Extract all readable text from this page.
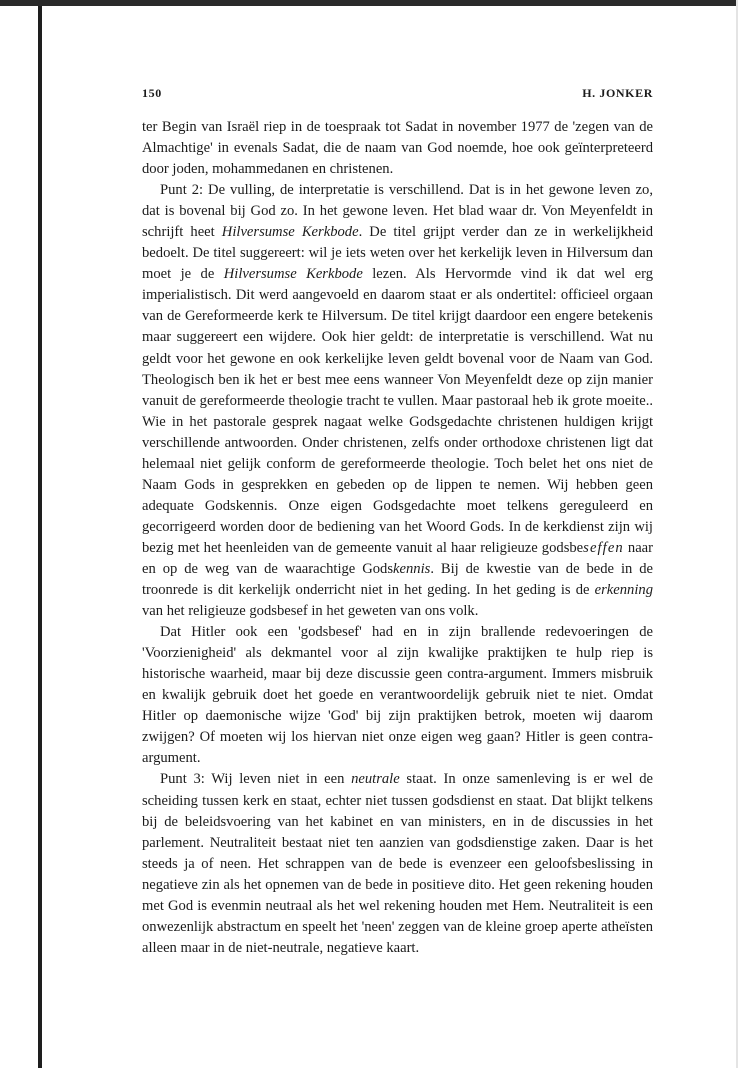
150	H. JONKER

ter Begin van Israël riep in de toespraak tot Sadat in november 1977 de 'zegen van de Almachtige' in evenals Sadat, die de naam van God noemde, hoe ook geïnterpreteerd door joden, mohammedanen en christenen.

Punt 2: De vulling, de interpretatie is verschillend. Dat is in het gewone leven zo, dat is bovenal bij God zo. In het gewone leven. Het blad waar dr. Von Meyenfeldt in schrijft heet Hilversumse Kerkbode. De titel grijpt verder dan ze in werkelijkheid bedoelt. De titel suggereert: wil je iets weten over het kerkelijk leven in Hilversum dan moet je de Hilversumse Kerkbode lezen. Als Hervormde vind ik dat wel erg imperialistisch. Dit werd aangevoeld en daarom staat er als ondertitel: officieel orgaan van de Gereformeerde kerk te Hilversum. De titel krijgt daardoor een engere betekenis maar suggereert een wijdere. Ook hier geldt: de interpretatie is verschillend. Wat nu geldt voor het gewone en ook kerkelijke leven geldt bovenal voor de Naam van God. Theologisch ben ik het er best mee eens wanneer Von Meyenfeldt deze op zijn manier vanuit de gereformeerde theologie tracht te vullen. Maar pastoraal heb ik grote moeite.. Wie in het pastorale gesprek nagaat welke Godsgedachte christenen huldigen krijgt verschillende antwoorden. Onder christenen, zelfs onder orthodoxe christenen ligt dat helemaal niet gelijk conform de gereformeerde theologie. Toch belet het ons niet de Naam Gods in gesprekken en gebeden op de lippen te nemen. Wij hebben geen adequate Godskennis. Onze eigen Godsgedachte moet telkens gereguleerd en gecorrigeerd worden door de bediening van het Woord Gods. In de kerkdienst zijn wij bezig met het heenleiden van de gemeente vanuit al haar religieuze godsbeseffen naar en op de weg van de waarachtige Godskennis. Bij de kwestie van de bede in de troonrede is dit kerkelijk onderricht niet in het geding. In het geding is de erkenning van het religieuze godsbesef in het geweten van ons volk.

Dat Hitler ook een 'godsbesef' had en in zijn brallende redevoeringen de 'Voorzienigheid' als dekmantel voor al zijn kwalijke praktijken te hulp riep is historische waarheid, maar bij deze discussie geen contra-argument. Immers misbruik en kwalijk gebruik doet het goede en verantwoordelijk gebruik niet te niet. Omdat Hitler op daemonische wijze 'God' bij zijn praktijken betrok, moeten wij daarom zwijgen? Of moeten wij los hiervan niet onze eigen weg gaan? Hitler is geen contra-argument.

Punt 3: Wij leven niet in een neutrale staat. In onze samenleving is er wel de scheiding tussen kerk en staat, echter niet tussen godsdienst en staat. Dat blijkt telkens bij de beleidsvoering van het kabinet en van ministers, en in de discussies in het parlement. Neutraliteit bestaat niet ten aanzien van godsdienstige zaken. Daar is het steeds ja of neen. Het schrappen van de bede is evenzeer een geloofsbeslissing in negatieve zin als het opnemen van de bede in positieve dito. Het geen rekening houden met God is evenmin neutraal als het wel rekening houden met Hem. Neutraliteit is een onwezenlijk abstractum en speelt het 'neen' zeggen van de kleine groep aperte atheïsten alleen maar in de niet-neutrale, negatieve kaart.
